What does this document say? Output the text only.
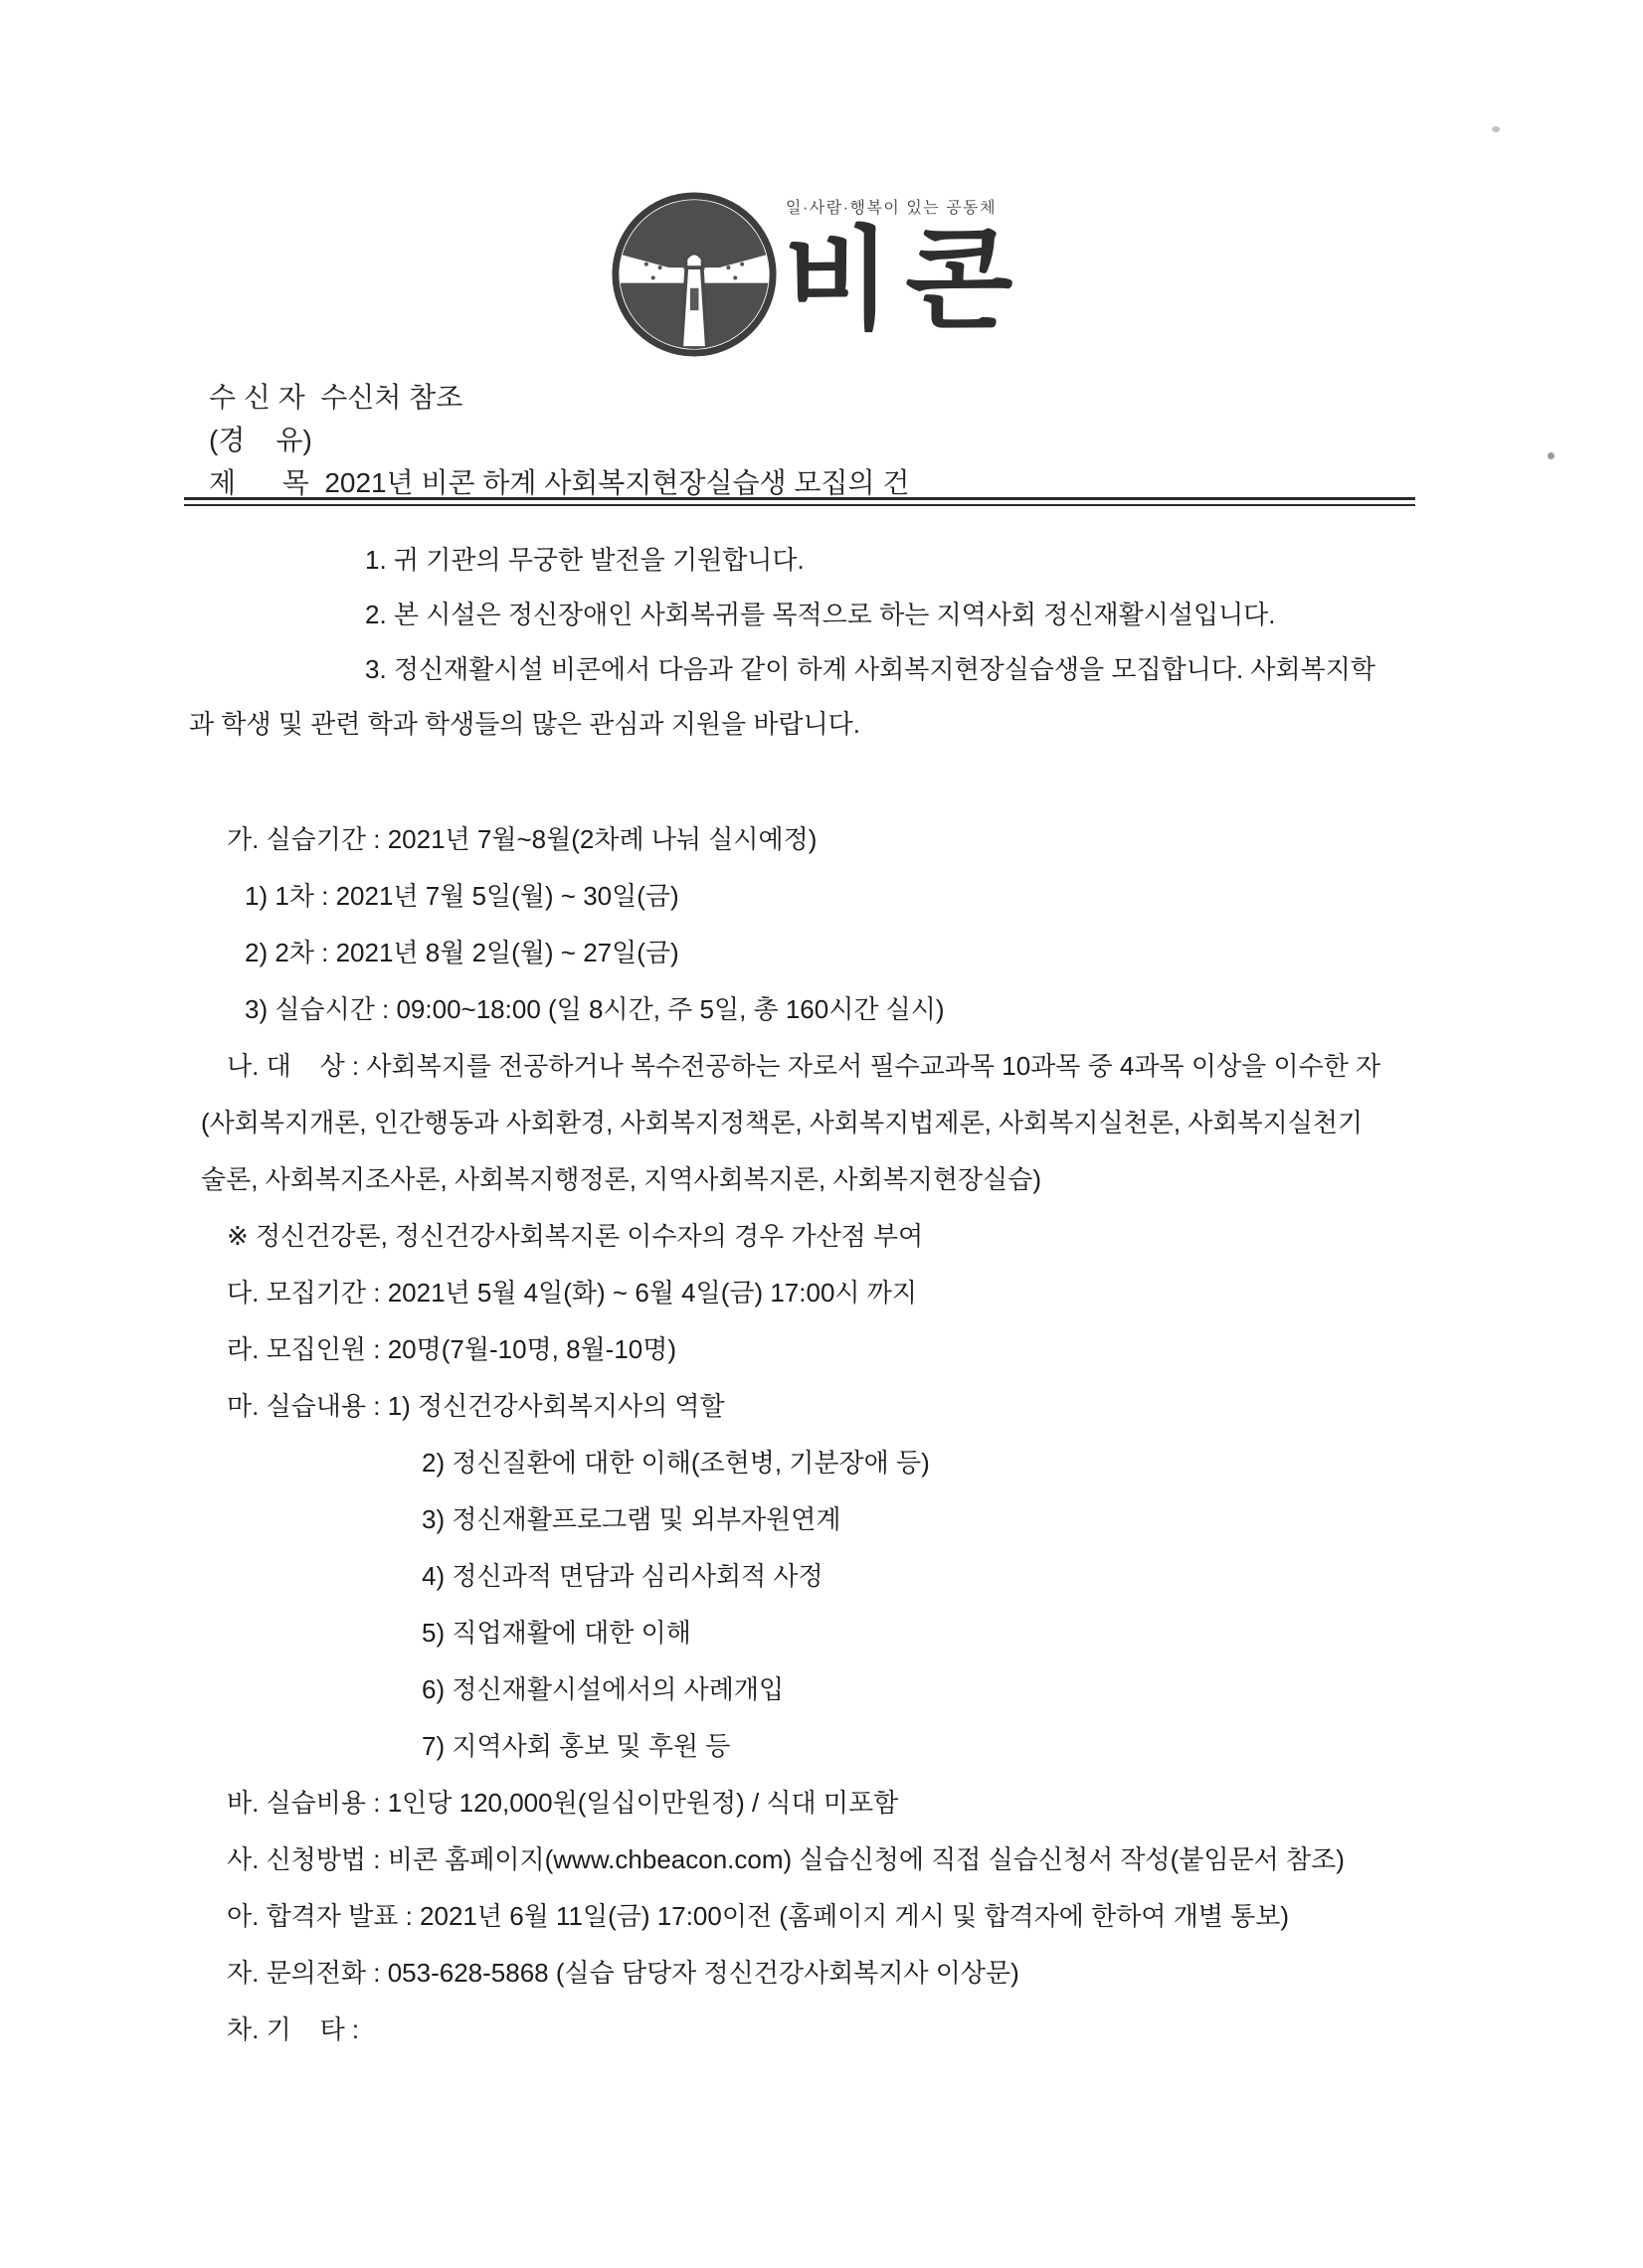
일·사람·행복이 있는 공동체
비콘
수 신 자  수신처 참조
(경    유)
제      목  2021년 비콘 하계 사회복지현장실습생 모집의 건
1. 귀 기관의 무궁한 발전을 기원합니다.
2. 본 시설은 정신장애인 사회복귀를 목적으로 하는 지역사회 정신재활시설입니다.
3. 정신재활시설 비콘에서 다음과 같이 하계 사회복지현장실습생을 모집합니다. 사회복지학
과 학생 및 관련 학과 학생들의 많은 관심과 지원을 바랍니다.
가. 실습기간 : 2021년 7월~8월(2차례 나눠 실시예정)
1) 1차 : 2021년 7월 5일(월) ~ 30일(금)
2) 2차 : 2021년 8월 2일(월) ~ 27일(금)
3) 실습시간 : 09:00~18:00 (일 8시간, 주 5일, 총 160시간 실시)
나. 대    상 : 사회복지를 전공하거나 복수전공하는 자로서 필수교과목 10과목 중 4과목 이상을 이수한 자
(사회복지개론, 인간행동과 사회환경, 사회복지정책론, 사회복지법제론, 사회복지실천론, 사회복지실천기
술론, 사회복지조사론, 사회복지행정론, 지역사회복지론, 사회복지현장실습)
※ 정신건강론, 정신건강사회복지론 이수자의 경우 가산점 부여
다. 모집기간 : 2021년 5월 4일(화) ~ 6월 4일(금) 17:00시 까지
라. 모집인원 : 20명(7월-10명, 8월-10명)
마. 실습내용 : 1) 정신건강사회복지사의 역할
2) 정신질환에 대한 이해(조현병, 기분장애 등)
3) 정신재활프로그램 및 외부자원연계
4) 정신과적 면담과 심리사회적 사정
5) 직업재활에 대한 이해
6) 정신재활시설에서의 사례개입
7) 지역사회 홍보 및 후원 등
바. 실습비용 : 1인당 120,000원(일십이만원정) / 식대 미포함
사. 신청방법 : 비콘 홈페이지(www.chbeacon.com) 실습신청에 직접 실습신청서 작성(붙임문서 참조)
아. 합격자 발표 : 2021년 6월 11일(금) 17:00이전 (홈페이지 게시 및 합격자에 한하여 개별 통보)
자. 문의전화 : 053-628-5868 (실습 담당자 정신건강사회복지사 이상문)
차. 기    타 :
